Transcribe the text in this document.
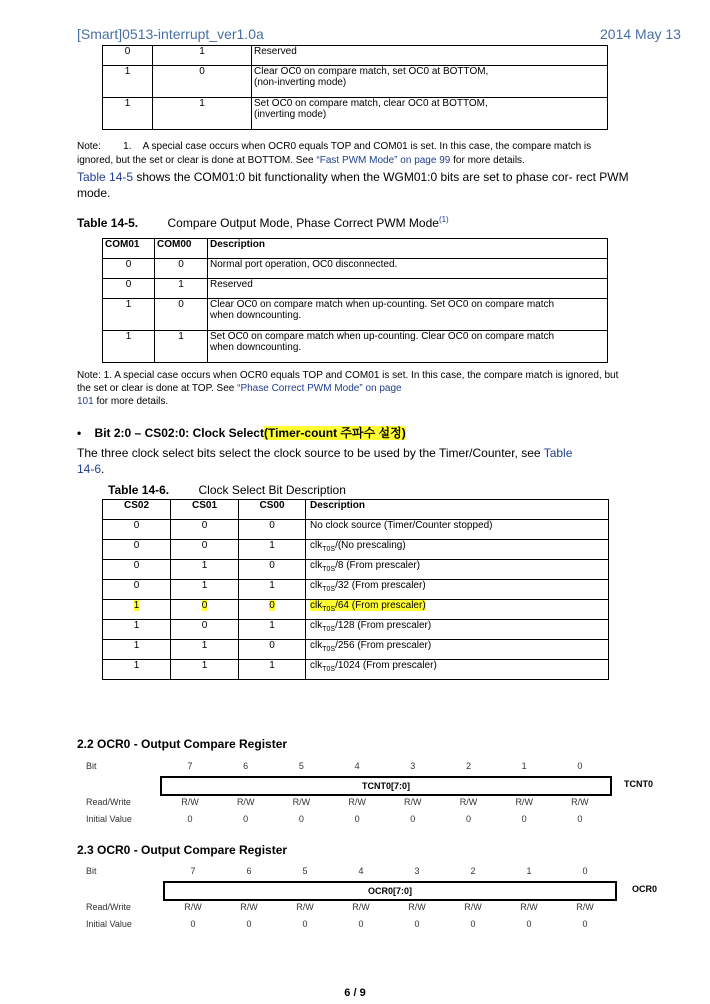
[Smart]0513-interrupt_ver1.0a	2014 May 13
0	1	Reserved
1	0	Clear OC0 on compare match, set OC0 at BOTTOM,
(non-inverting mode)
1	1	Set OC0 on compare match, clear OC0 at BOTTOM,
(inverting mode)
Note: 1. A special case occurs when OCR0 equals TOP and COM01 is set. In this case, the compare match is
ignored, but the set or clear is done at BOTTOM. See “Fast PWM Mode” on page 99 for more details.
Table 14-5 shows the COM01:0 bit functionality when the WGM01:0 bits are set to phase cor- rect PWM
mode.
Table 14-5. Compare Output Mode, Phase Correct PWM Mode$^{(1)}$
COM01	COM00	Description
0	0	Normal port operation, OC0 disconnected.
0	1	Reserved
1	0	Clear OC0 on compare match when up-counting. Set OC0 on compare match
when downcounting.
1	1	Set OC0 on compare match when up-counting. Clear OC0 on compare match
when downcounting.
Note: 1. A special case occurs when OCR0 equals TOP and COM01 is set. In this case, the compare match is ignored, but
the set or clear is done at TOP. See “Phase Correct PWM Mode” on page
101 for more details.
• Bit 2:0 – CS02:0: Clock Select(Timer-count 주파수 설정)
The three clock select bits select the clock source to be used by the Timer/Counter, see Table
14-6.
Table 14-6. Clock Select Bit Description
CS02	CS01	CS00	Description
0	0	0	No clock source (Timer/Counter stopped)
0	0	1	clk$_{T0S}$/(No prescaling)
0	1	0	clk$_{T0S}$/8 (From prescaler)
0	1	1	clk$_{T0S}$/32 (From prescaler)
1	0	0	clk$_{T0S}$/64 (From prescaler)
1	0	1	clk$_{T0S}$/128 (From prescaler)
1	1	0	clk$_{T0S}$/256 (From prescaler)
1	1	1	clk$_{T0S}$/1024 (From prescaler)
2.2 OCR0 - Output Compare Register
Bit	7	6	5	4	3	2	1	0
TCNT0[7:0]	TCNT0
Read/Write	R/W	R/W	R/W	R/W	R/W	R/W	R/W	R/W
Initial Value	0	0	0	0	0	0	0	0
2.3 OCR0 - Output Compare Register
Bit	7	6	5	4	3	2	1	0
OCR0[7:0]	OCR0
Read/Write	R/W	R/W	R/W	R/W	R/W	R/W	R/W	R/W
Initial Value	0	0	0	0	0	0	0	0
6 / 9
